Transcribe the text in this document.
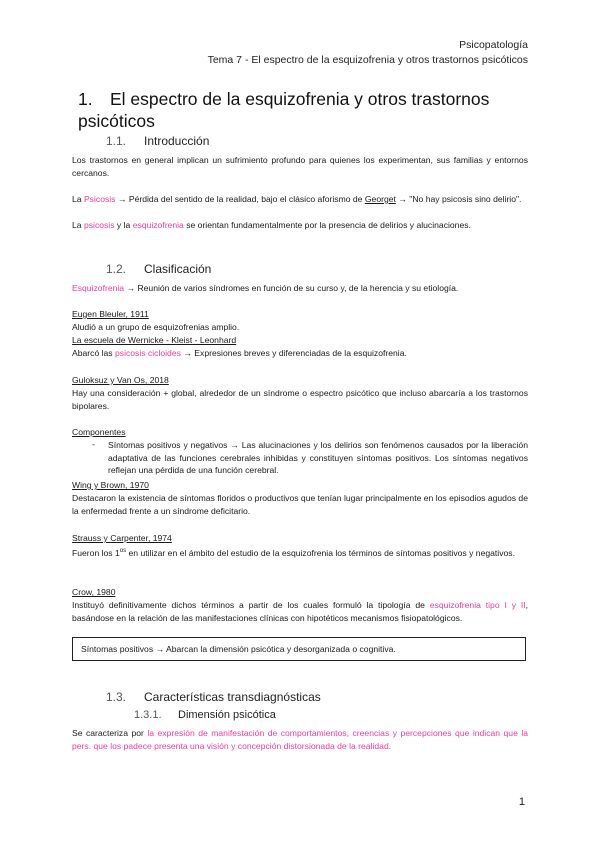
Psicopatología
Tema 7 - El espectro de la esquizofrenia y otros trastornos psicóticos
1. El espectro de la esquizofrenia y otros trastornos psicóticos
1.1. Introducción
Los trastornos en general implican un sufrimiento profundo para quienes los experimentan, sus familias y entornos cercanos.
La Psicosis → Pérdida del sentido de la realidad, bajo el clásico aforismo de Georget → "No hay psicosis sino delirio".
La psicosis y la esquizofrenia se orientan fundamentalmente por la presencia de delirios y alucinaciones.
1.2. Clasificación
Esquizofrenia → Reunión de varios síndromes en función de su curso y, de la herencia y su etiología.
Eugen Bleuler, 1911
Aludió a un grupo de esquizofrenias amplio.
La escuela de Wernicke - Kleist - Leonhard
Abarcó las psicosis cicloides → Expresiones breves y diferenciadas de la esquizofrenia.
Guloksuz y Van Os, 2018
Hay una consideración + global, alrededor de un síndrome o espectro psicótico que incluso abarcaría a los trastornos bipolares.
Componentes
- Síntomas positivos y negativos → Las alucinaciones y los delirios son fenómenos causados por la liberación adaptativa de las funciones cerebrales inhibidas y constituyen síntomas positivos. Los síntomas negativos reflejan una pérdida de una función cerebral.
Wing y Brown, 1970
Destacaron la existencia de síntomas floridos o productivos que tenían lugar principalmente en los episodios agudos de la enfermedad frente a un síndrome deficitario.
Strauss y Carpenter, 1974
Fueron los $1^{os}$ en utilizar en el ámbito del estudio de la esquizofrenia los términos de síntomas positivos y negativos.
Crow, 1980
Instituyó definitivamente dichos términos a partir de los cuales formuló la tipología de esquizofrenia tipo I y II, basándose en la relación de las manifestaciones clínicas con hipotéticos mecanismos fisiopatológicos.
Síntomas positivos → Abarcan la dimensión psicótica y desorganizada o cognitiva.
1.3. Características transdiagnósticas
1.3.1. Dimensión psicótica
Se caracteriza por la expresión de manifestación de comportamientos, creencias y percepciones que indican que la pers. que los padece presenta una visión y concepción distorsionada de la realidad.
1
